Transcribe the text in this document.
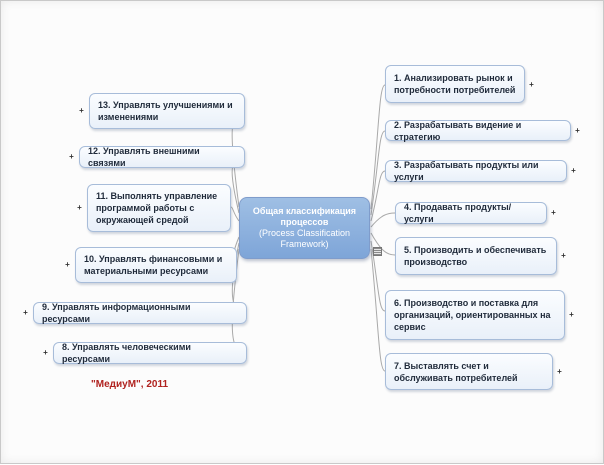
Общая классификация процессов
(Process Classification Framework)
1. Анализировать рынок и потребности потребителей
+
2. Разрабатывать видение и стратегию
+
3. Разрабатывать продукты или услуги
+
4. Продавать продукты/услуги
+
5. Производить и обеспечивать производство
+
6. Производство и поставка для организаций, ориентированных на сервис
+
7. Выставлять счет и обслуживать потребителей
+
13. Управлять улучшениями и изменениями
+
12. Управлять внешними связями
+
11. Выполнять управление программой работы с окружающей средой
+
10. Управлять финансовыми и материальными ресурсами
+
9. Управлять информационными ресурсами
+
8. Управлять человеческими ресурсами
+
"МедиуМ", 2011
